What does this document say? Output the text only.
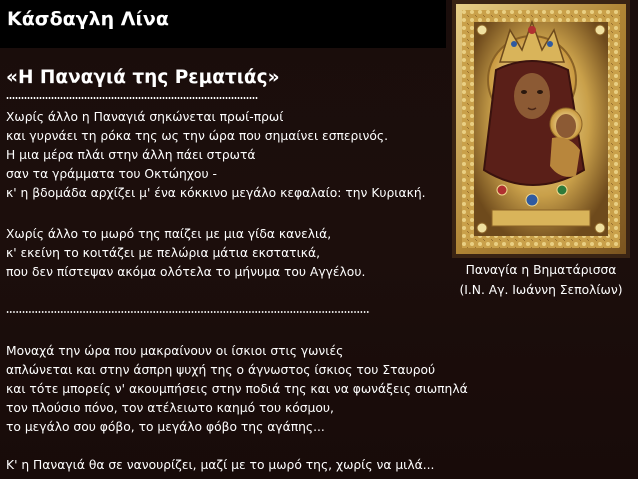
Κάσδαγλη Λίνα
Παναγία η Βηματάρισσα
(Ι.Ν. Αγ. Ιωάννη Σεπολίων)
«Η Παναγιά της Ρεματιάς»
Χωρίς άλλο η Παναγιά σηκώνεται πρωί-πρωί
και γυρνάει τη ρόκα της ως την ώρα που σημαίνει εσπερινός.
Η μια μέρα πλάι στην άλλη πάει στρωτά
σαν τα γράμματα του Οκτώηχου -
κ' η βδομάδα αρχίζει μ' ένα κόκκινο μεγάλο κεφαλαίο: την Κυριακή.
Χωρίς άλλο το μωρό της παίζει με μια γίδα κανελιά,
κ' εκείνη το κοιτάζει με πελώρια μάτια εκστατικά,
που δεν πίστεψαν ακόμα ολότελα το μήνυμα του Αγγέλου.
Μοναχά την ώρα που μακραίνουν οι ίσκιοι στις γωνιές
απλώνεται και στην άσπρη ψυχή της ο άγνωστος ίσκιος του Σταυρού
και τότε μπορείς ν' ακουμπήσεις στην ποδιά της και να φωνάξεις σιωπηλά
τον πλούσιο πόνο, τον ατέλειωτο καημό του κόσμου,
το μεγάλο σου φόβο, το μεγάλο φόβο της αγάπης...
Κ' η Παναγιά θα σε νανουρίζει, μαζί με το μωρό της, χωρίς να μιλά...
